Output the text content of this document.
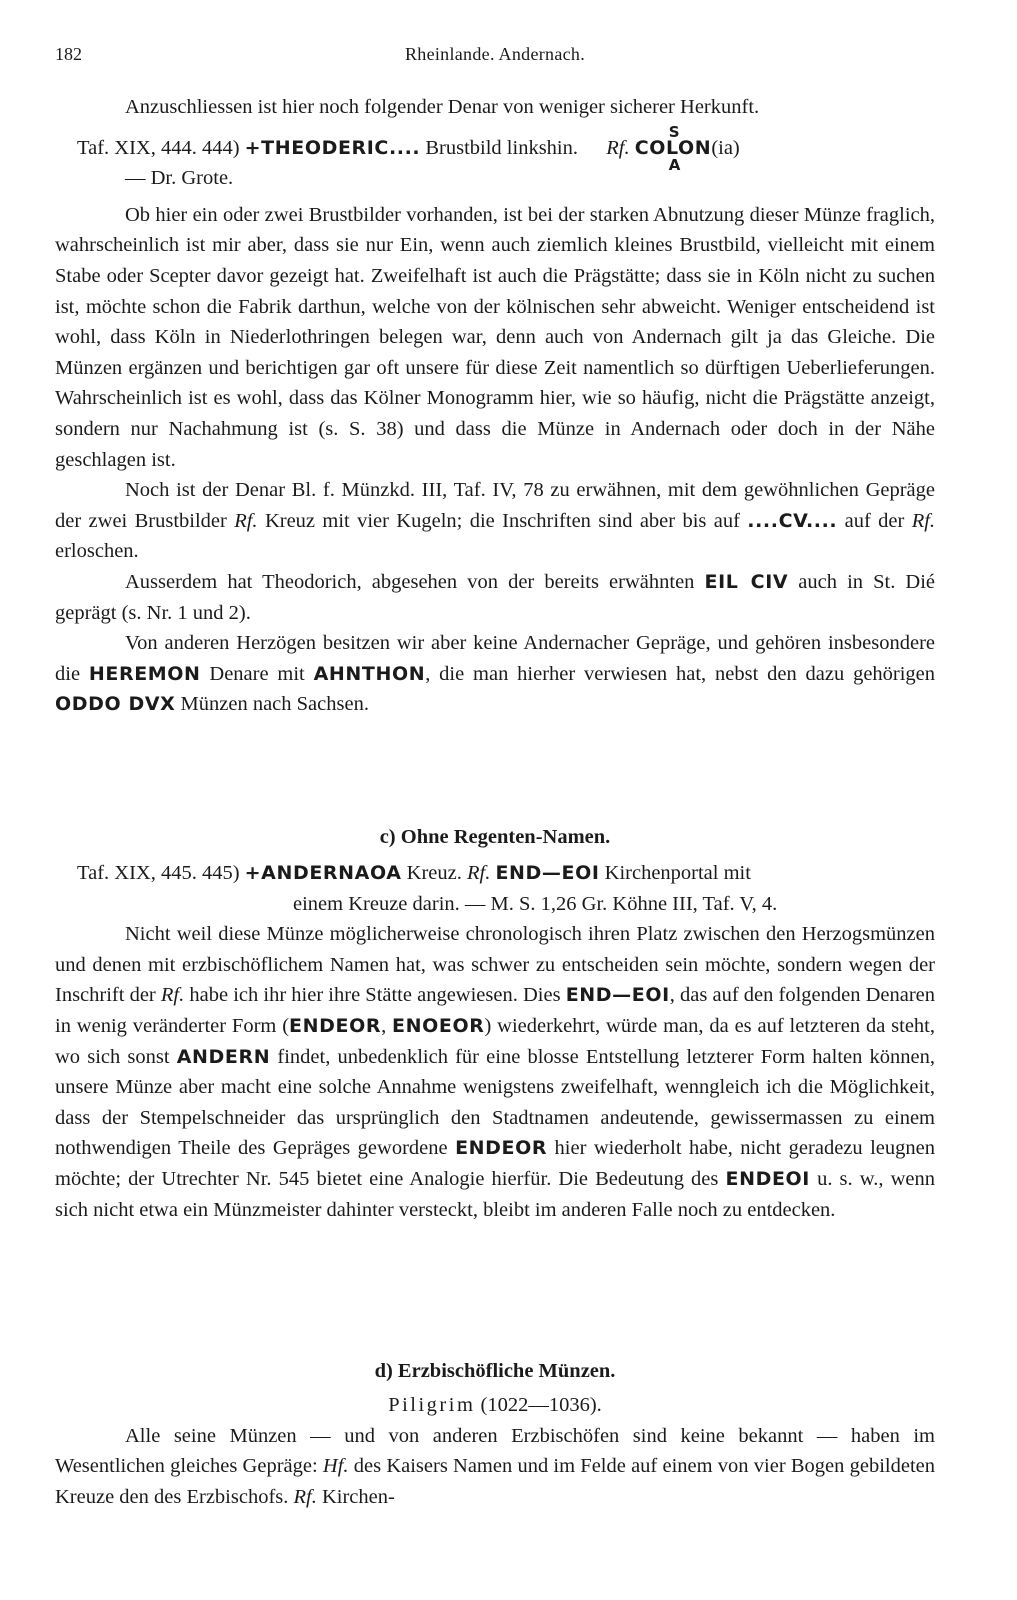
182	Rheinlande. Andernach.

Anzuschliessen ist hier noch folgender Denar von weniger sicherer Herkunft.

Taf. XIX, 444. 444) +THEODERIC.... Brustbild linkshin. Rf. COLON(ia)
S
A

— Dr. Grote.

Ob hier ein oder zwei Brustbilder vorhanden, ist bei der starken Abnutzung dieser Münze fraglich, wahrscheinlich ist mir aber, dass sie nur Ein, wenn auch ziemlich kleines Brustbild, vielleicht mit einem Stabe oder Scepter davor gezeigt hat. Zweifelhaft ist auch die Prägstätte; dass sie in Köln nicht zu suchen ist, möchte schon die Fabrik darthun, welche von der kölnischen sehr abweicht. Weniger entscheidend ist wohl, dass Köln in Niederlothringen belegen war, denn auch von Andernach gilt ja das Gleiche. Die Münzen ergänzen und berichtigen gar oft unsere für diese Zeit namentlich so dürftigen Ueberlieferungen. Wahrscheinlich ist es wohl, dass das Kölner Monogramm hier, wie so häufig, nicht die Prägstätte anzeigt, sondern nur Nachahmung ist (s. S. 38) und dass die Münze in Andernach oder doch in der Nähe geschlagen ist.

Noch ist der Denar Bl. f. Münzkd. III, Taf. IV, 78 zu erwähnen, mit dem gewöhnlichen Gepräge der zwei Brustbilder Rf. Kreuz mit vier Kugeln; die Inschriften sind aber bis auf ....CV.... auf der Rf. erloschen.

Ausserdem hat Theodorich, abgesehen von der bereits erwähnten EIL CIV auch in St. Dié geprägt (s. Nr. 1 und 2).

Von anderen Herzögen besitzen wir aber keine Andernacher Gepräge, und gehören insbesondere die HEREMON Denare mit AHNTHON, die man hierher verwiesen hat, nebst den dazu gehörigen ODDO DVX Münzen nach Sachsen.

c) Ohne Regenten-Namen.

Taf. XIX, 445. 445) +ANDERNAOA Kreuz. Rf. END—EOI Kirchenportal mit

einem Kreuze darin. — M. S. 1,26 Gr. Köhne III, Taf. V, 4.

Nicht weil diese Münze möglicherweise chronologisch ihren Platz zwischen den Herzogsmünzen und denen mit erzbischöflichem Namen hat, was schwer zu entscheiden sein möchte, sondern wegen der Inschrift der Rf. habe ich ihr hier ihre Stätte angewiesen. Dies END—EOI, das auf den folgenden Denaren in wenig veränderter Form (ENDEOR, ENOEOR) wiederkehrt, würde man, da es auf letzteren da steht, wo sich sonst ANDERN findet, unbedenklich für eine blosse Entstellung letzterer Form halten können, unsere Münze aber macht eine solche Annahme wenigstens zweifelhaft, wenngleich ich die Möglichkeit, dass der Stempelschneider das ursprünglich den Stadtnamen andeutende, gewissermassen zu einem nothwendigen Theile des Gepräges gewordene ENDEOR hier wiederholt habe, nicht geradezu leugnen möchte; der Utrechter Nr. 545 bietet eine Analogie hierfür. Die Bedeutung des ENDEOI u. s. w., wenn sich nicht etwa ein Münzmeister dahinter versteckt, bleibt im anderen Falle noch zu entdecken.

d) Erzbischöfliche Münzen.

Piligrim (1022—1036).

Alle seine Münzen — und von anderen Erzbischöfen sind keine bekannt — haben im Wesentlichen gleiches Gepräge: Hf. des Kaisers Namen und im Felde auf einem von vier Bogen gebildeten Kreuze den des Erzbischofs. Rf. Kirchen-
